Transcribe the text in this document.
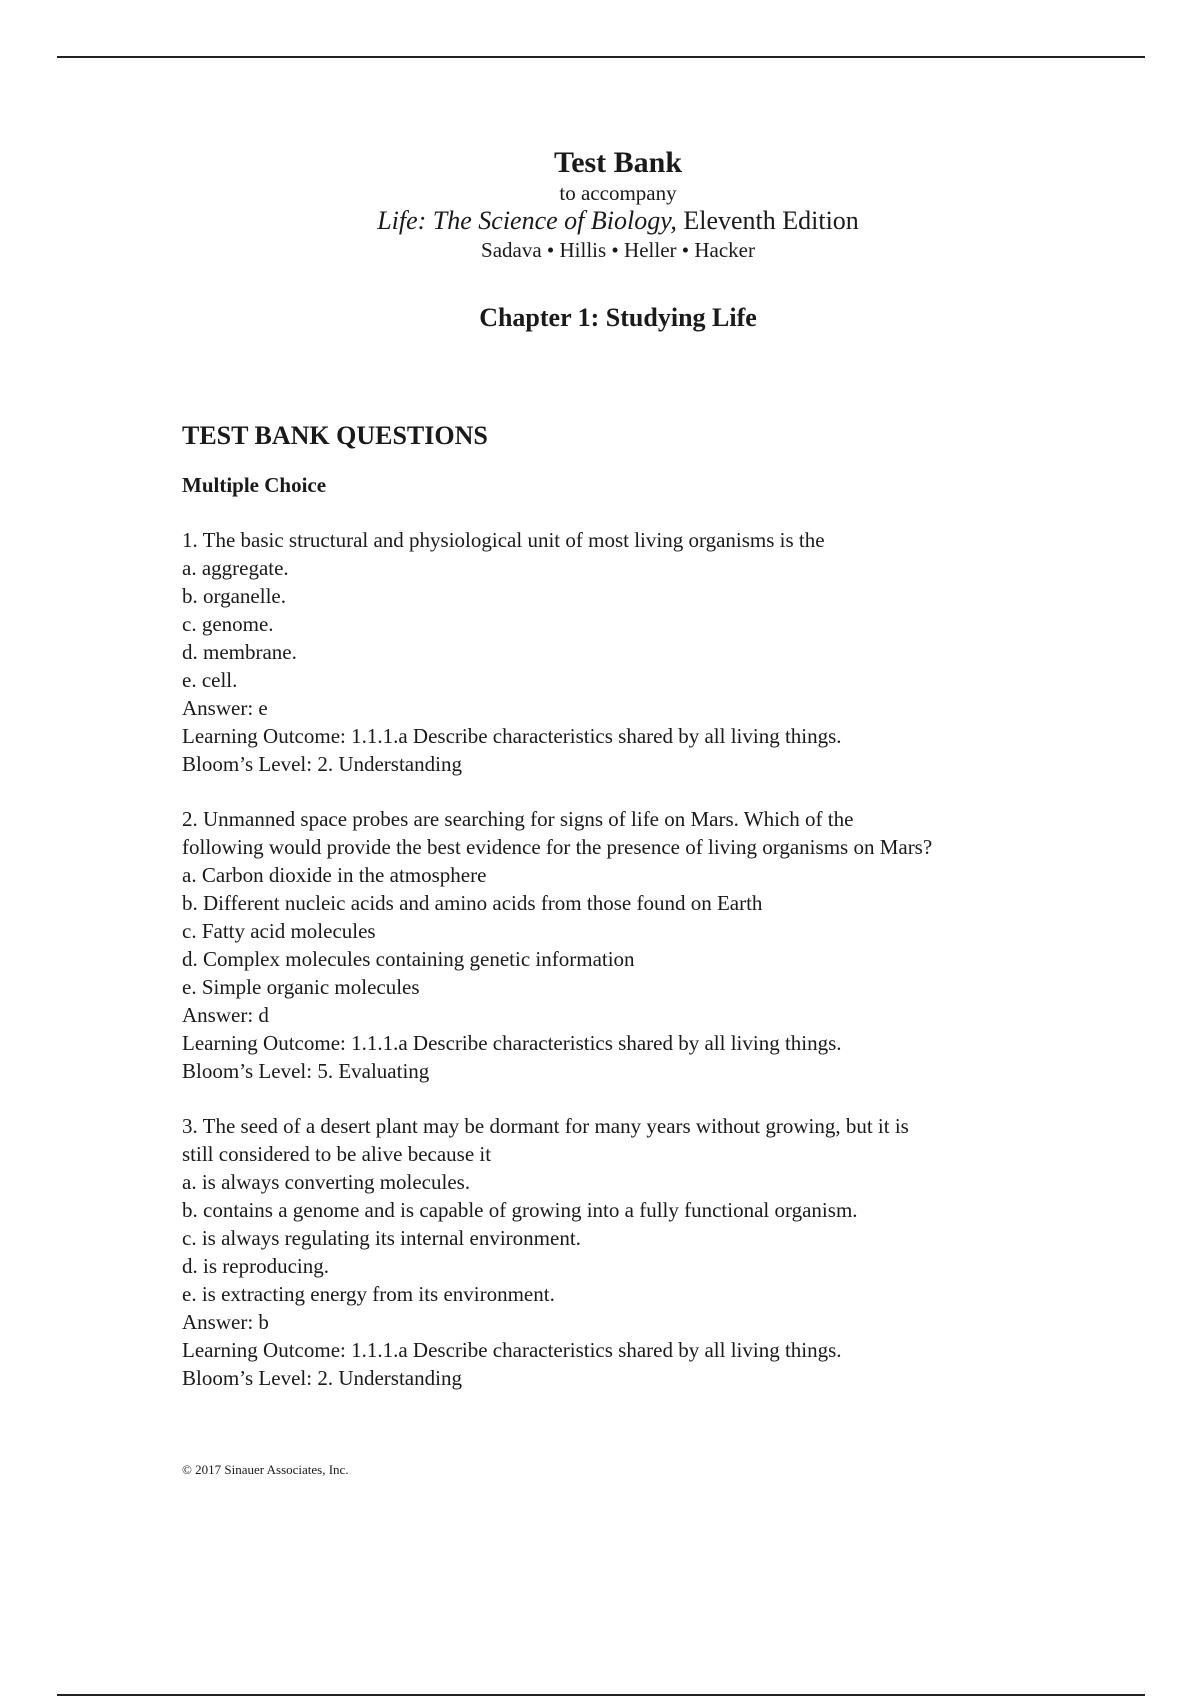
Test Bank
to accompany
Life: The Science of Biology, Eleventh Edition
Sadava • Hillis • Heller • Hacker
Chapter 1: Studying Life
TEST BANK QUESTIONS
Multiple Choice
1. The basic structural and physiological unit of most living organisms is the
a. aggregate.
b. organelle.
c. genome.
d. membrane.
e. cell.
Answer: e
Learning Outcome: 1.1.1.a Describe characteristics shared by all living things.
Bloom’s Level: 2. Understanding
2. Unmanned space probes are searching for signs of life on Mars. Which of the
following would provide the best evidence for the presence of living organisms on Mars?
a. Carbon dioxide in the atmosphere
b. Different nucleic acids and amino acids from those found on Earth
c. Fatty acid molecules
d. Complex molecules containing genetic information
e. Simple organic molecules
Answer: d
Learning Outcome: 1.1.1.a Describe characteristics shared by all living things.
Bloom’s Level: 5. Evaluating
3. The seed of a desert plant may be dormant for many years without growing, but it is
still considered to be alive because it
a. is always converting molecules.
b. contains a genome and is capable of growing into a fully functional organism.
c. is always regulating its internal environment.
d. is reproducing.
e. is extracting energy from its environment.
Answer: b
Learning Outcome: 1.1.1.a Describe characteristics shared by all living things.
Bloom’s Level: 2. Understanding
© 2017 Sinauer Associates, Inc.
